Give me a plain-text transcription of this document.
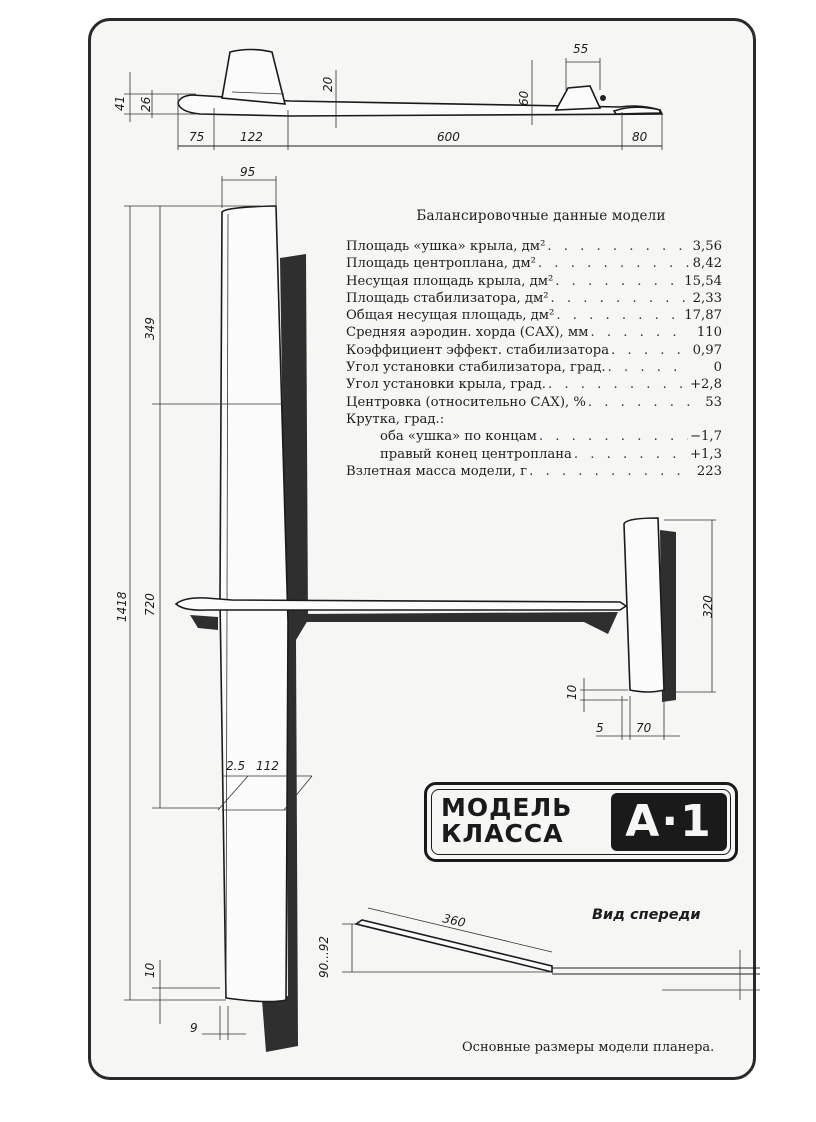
41 26
20
55
60
75	122	600	80
95
349
1418 720
2.5 112
10
9
320
10
5	70
90...92
360
Балансировочные данные модели
Площадь «ушка» крыла, дм² . . .	3,56
Площадь центроплана, дм² . . .	8,42
Несущая площадь крыла, дм² . . .	15,54
Площадь стабилизатора, дм² . . .	2,33
Общая несущая площадь, дм² . . .	17,87
Средняя аэродин. хорда (САХ), мм . . .	110
Коэффициент эффект. стабилизатора . . .	0,97
Угол установки стабилизатора, град. . . .	0
Угол установки крыла, град. . . .	+2,8
Центровка (относительно САХ), % . . .	53
Крутка, град.:
оба «ушка» по концам . . .	−1,7
правый конец центроплана . . .	+1,3
Взлетная масса модели, г . . .	223
МОДЕЛЬ
КЛАССА	А·1
Вид спереди
Основные размеры модели планера.
